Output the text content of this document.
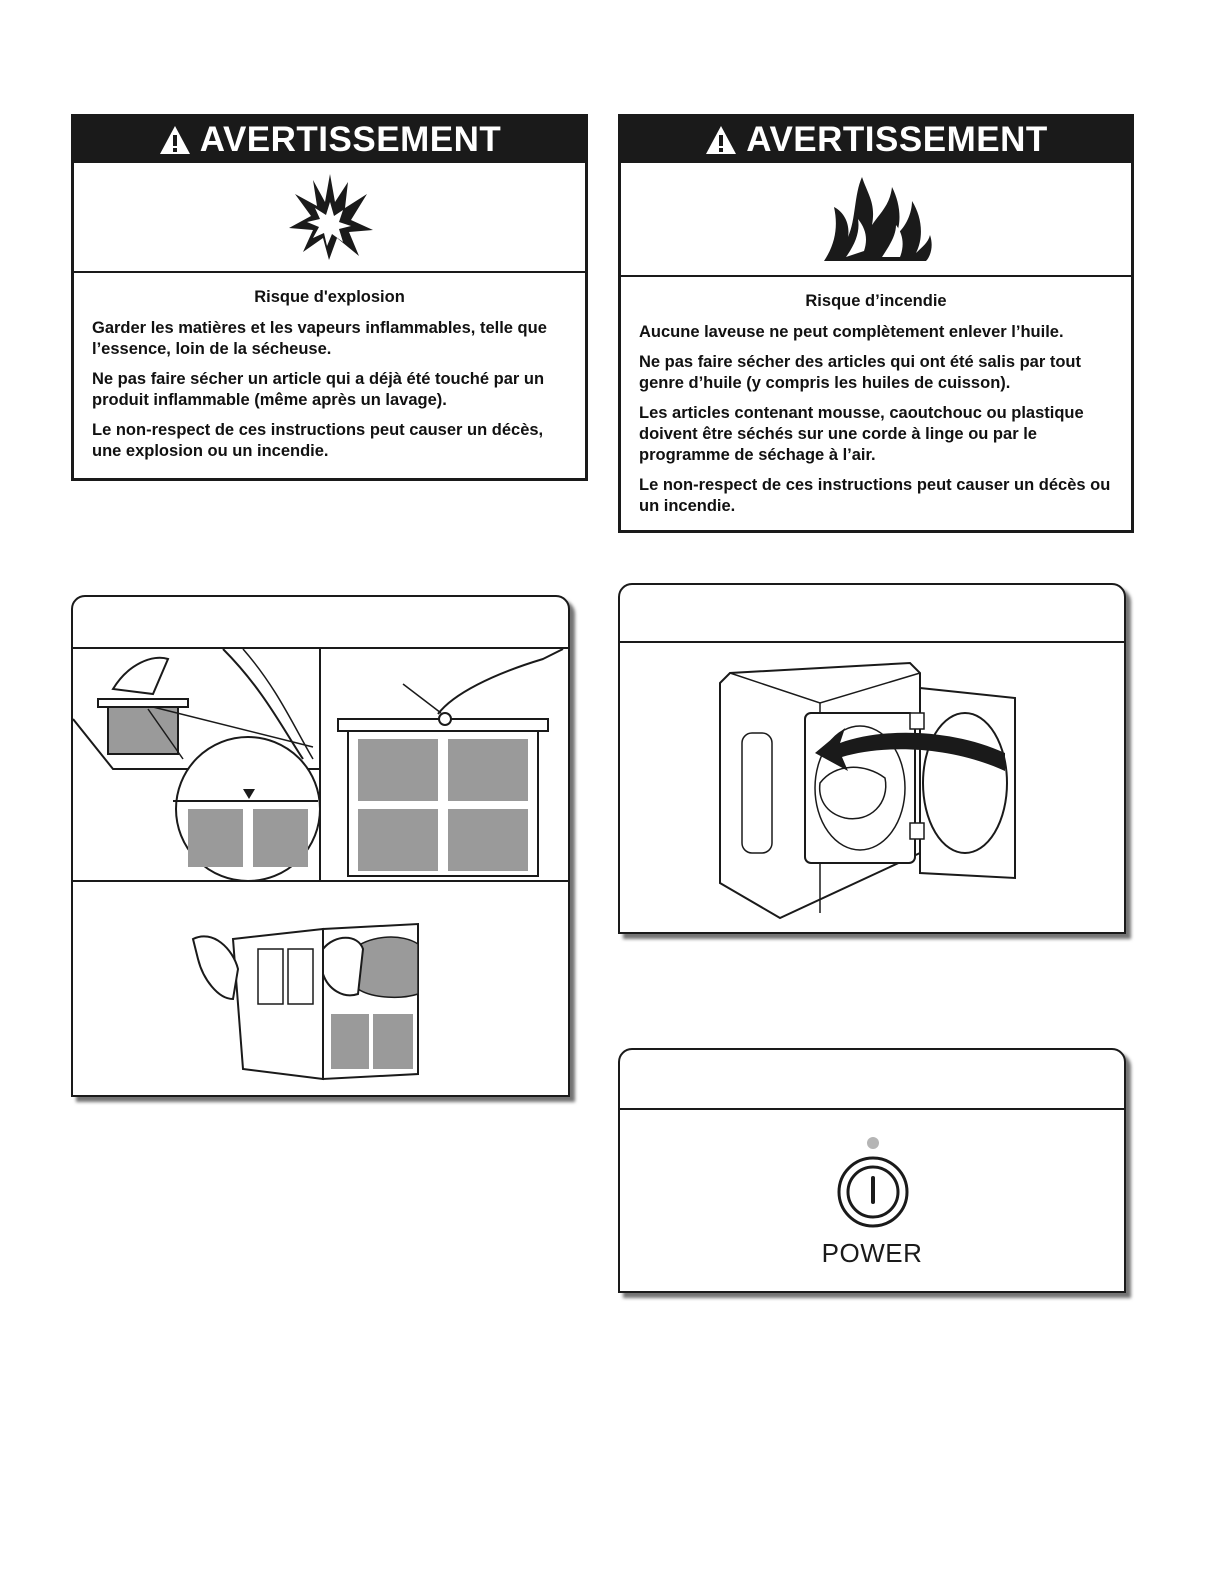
AVERTISSEMENT
Risque d'explosion

Garder les matières et les vapeurs inflammables, telle que l’essence, loin de la sécheuse.

Ne pas faire sécher un article qui a déjà été touché par un produit inflammable (même après un lavage).

Le non-respect de ces instructions peut causer un décès, une explosion ou un incendie.

AVERTISSEMENT
Risque d’incendie

Aucune laveuse ne peut complètement enlever l’huile.

Ne pas faire sécher des articles qui ont été salis par tout genre d’huile (y compris les huiles de cuisson).

Les articles contenant mousse, caoutchouc ou plastique doivent être séchés sur une corde à linge ou par le programme de séchage à l’air.

Le non-respect de ces instructions peut causer un décès ou un incendie.

POWER
